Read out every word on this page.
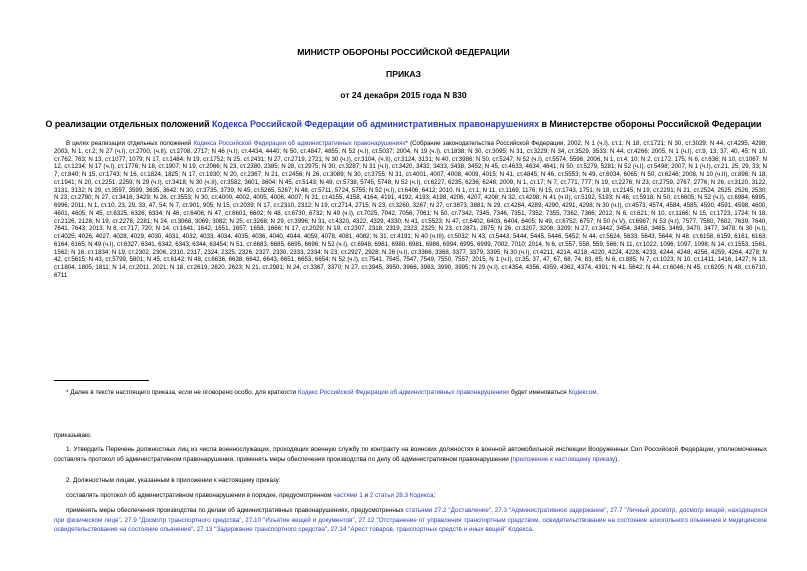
МИНИСТР ОБОРОНЫ РОССИЙСКОЙ ФЕДЕРАЦИИ
ПРИКАЗ
от 24 декабря 2015 года N 830
О реализации отдельных положений Кодекса Российской Федерации об административных правонарушениях в Министерстве обороны Российской Федерации
В целях реализации отдельных положений Кодекса Российской Федерации об административных правонарушениях* (Собрание законодательства Российской Федерации, 2002, N 1 (ч.I), ст.1; N 18, ст.1721; N 30, ст.3029; N 44, ст.4295, 4298; 2003, N 1, ст.2; N 27 (ч.I), ст.2700, (ч.II), ст.2708, 2717; N 46 (ч.I), ст.4434, 4440; N 50, ст.4847, 4855; N 52 (ч.I), ст.5037; 2004, N 19 (ч.I), ст.1838; N 30, ст.3095; N 31, ст.3229; N 34, ст.3529, 3533; N 44, ст.4266; 2005, N 1 (ч.I), ст.9, 13, 37, 40, 45; N 10, ст.762, 763; N 13, ст.1077, 1079; N 17, ст.1484; N 19, ст.1752; N 25, ст.2431; N 27, ст.2719, 2721; N 30 (ч.I), ст.3104, (ч.II), ст.3124, 3131; N 40, ст.3986; N 50, ст.5247; N 52 (ч.I), ст.5574, 5596; 2006, N 1, ст.4; 10; N 2, ст.172, 175; N 6, ст.636; N 10, ст.1067; N 12, ст.1234; N 17 (ч.I), ст.1776; N 18, ст.1907; N 19, ст.2066; N 23, ст.2380, 2385; N 28, ст.2975; N 30, ст.3287; N 31 (ч.I), ст.3420, 3432, 3433, 3438, 3452; N 45, ст.4633, 4634, 4641; N 50, ст.5279, 5281; N 52 (ч.I), ст.5498; 2007, N 1 (ч.I), ст.21, 25, 29, 33; N 7, ст.840; N 15, ст.1743; N 16, ст.1824, 1825; N 17, ст.1930; N 20, ст.2367; N 21, ст.2456; N 26, ст.3089; N 30, ст.3755; N 31, ст.4001, 4007, 4008, 4009, 4015; N 41, ст.4845; N 46, ст.5553; N 49, ст.6034, 6065; N 50, ст.6246; 2008, N 10 (ч.II), ст.896; N 18, ст.1941; N 20, ст.2251, 2259; N 29 (ч.I), ст.3418; N 30 (ч.II), ст.3582, 3601, 3604; N 45, ст.5143; N 49, ст.5738, 5745, 5748; N 52 (ч.I), ст.6227, 6235, 6236, 6248; 2009, N 1, ст.17; N 7, ст.771, 777; N 19, ст.2276; N 23, ст.2759, 2767, 2776; N 26, ст.3120, 3122, 3131, 3132; N 29, ст.3597, 3599, 3635, 3642; N 30, ст.3735, 3739; N 45, ст.5265, 5267; N 48, ст.5711, 5724, 5755; N 52 (ч.I), ст.6406, 6412; 2010, N 1, ст.1; N 11, ст.1169, 1176; N 15, ст.1743, 1751; N 18, ст.2145; N 19, ст.2291; N 21, ст.2524, 2525, 2526, 2530; N 23, ст.2790; N 27, ст.3416, 3429; N 28, ст.3553; N 30, ст.4000, 4002, 4005, 4006, 4007; N 31, ст.4155, 4158, 4164, 4191, 4192, 4193, 4198, 4206, 4207, 4208; N 32, ст.4298; N 41 (ч.II), ст.5192, 5193; N 46, ст.5918; N 50, ст.6605; N 52 (ч.I), ст.6984, 6995, 6996; 2011, N 1, ст.10, 23, 29, 33, 47, 54; N 7, ст.901, 905; N 15, ст.2039; N 17, ст.2310, 2312; N 19, ст.2714, 2715; N 23, ст.3260, 3267; N 27, ст.3873, 3881; N 29, ст.4284, 4289, 4290, 4291, 4298; N 30 (ч.I), ст.4573, 4574, 4584, 4585, 4590, 4591, 4598, 4600, 4601, 4605; N 45, ст.6325, 6326, 6334; N 46, ст.6406; N 47, ст.6601, 6602; N 48, ст.6730, 6732; N 49 (ч.I), ст.7025, 7042, 7056, 7061; N 50, ст.7342, 7345, 7346, 7351, 7352, 7355, 7362, 7366; 2012, N 6, ст.621; N 10, ст.1166; N 15, ст.1723, 1724; N 18, ст.2126, 2128; N 19, ст.2278, 2281; N 24, ст.3068, 3069, 3082; N 25, ст.3268; N 29, ст.3996; N 31, ст.4320, 4322, 4329, 4330; N 41, ст.5523; N 47, ст.6402, 6403, 6404, 6405; N 49, ст.6752, 6757; N 50 (ч.V), ст.6967; N 53 (ч.I), 7577, 7580, 7602, 7639, 7640, 7641, 7643; 2013, N 8, ст.717, 720; N 14, ст.1641, 1642, 1651, 1657, 1658, 1666; N 17, ст.2029; N 19, ст.2307, 2318, 2319, 2323, 2325; N 23, ст.2871, 2875; N 26, ст.3207, 3208, 3209; N 27, ст.3442, 3454, 3458, 3465, 3469, 3470, 3477, 3478; N 30 (ч.I), ст.4025, 4026, 4027, 4028, 4029, 4030, 4031, 4032, 4033, 4034, 4035, 4036, 4040, 4044, 4059, 4078, 4081, 4082; N 31, ст.4191; N 40 (ч.III), ст.5032; N 43, ст.5443, 5444, 5445, 5446, 5452; N 44, ст.5624, 5633, 5643, 5644; N 48, ст.6158, 6159, 6161, 6163, 6164, 6165; N 49 (ч.I), ст.6327, 6341, 6342, 6343, 6344, 63454; N 51, ст.6683, 6685, 6695, 6696; N 52 (ч.I), ст.6948, 6961, 6980, 6981, 6986, 6994, 6995, 6999, 7002, 7010; 2014, N 6, ст.557, 558, 559, 566; N 11, ст.1022, 1096, 1097, 1098; N 14, ст.1553, 1561, 1562; N 16, ст.1834; N 19, ст.2302, 2306, 2310, 2317, 2324, 2325, 2326, 2327, 2330, 2333, 2334; N 23, ст.2927, 2928; N 26 (ч.I), ст.3366, 3368, 3377, 3379, 3395; N 30 (ч.I), ст.4211, 4214, 4218, 4220, 4224, 4228, 4233, 4244, 4248, 4256, 4259, 4264, 4278; N 42, ст.5615; N 43, ст.5799, 5801; N 45, ст.6142; N 48, ст.6636, 6638, 6642, 6643, 6651, 6653, 6654; N 52 (ч.I), ст.7541, 7545, 7547, 7549, 7550, 7557; 2015, N 1 (ч.I), ст.35, 37, 47, 67, 68, 74, 83, 85; N 6, ст.885; N 7, ст.1023; N 10, ст.1411, 1416, 1427; N 13, ст.1804, 1805, 1811; N 14, ст.2011, 2021; N 18, ст.2619, 2620, 2623; N 21, ст.2981; N 24, ст.3367, 3370; N 27, ст.3945, 3950, 3966, 3983, 3990, 3995; N 29 (ч.I), ст.4354, 4356, 4359, 4362, 4374, 4391; N 41, 5642; N 44, ст.6046; N 45, ст.6205; N 48, ст.6710, 6711
* Далее в тексте настоящего приказа, если не оговорено особо, для краткости Кодекс Российской Федерации об административных правонарушениях будет именоваться Кодексом.
приказываю:
1. Утвердить Перечень должностных лиц из числа военнослужащих, проходящих военную службу по контракту на воинских должностях в военной автомобильной инспекции Вооруженных Сил Российской Федерации, уполномоченных составлять протокол об административном правонарушении, применять меры обеспечения производства по делу об административном правонарушении (приложение к настоящему приказу).
2. Должностным лицам, указанным в приложении к настоящему приказу:
составлять протокол об административном правонарушении в порядке, предусмотренном частями 1 и 2 статьи 28.3 Кодекса;
применять меры обеспечения производства по делам об административных правонарушениях, предусмотренных статьями 27.2 "Доставление", 27.3 "Административное задержание", 27.7 "Личный досмотр, досмотр вещей, находящихся при физическом лице", 27.9 "Досмотр транспортного средства", 27.10 "Изъятие вещей и документов", 27.12 "Отстранение от управления транспортным средством, освидетельствование на состояние алкогольного опьянения и медицинское освидетельствование на состояние опьянения", 27.13 "Задержание транспортного средства", 27.14 "Арест товаров, транспортных средств и иных вещей" Кодекса.
